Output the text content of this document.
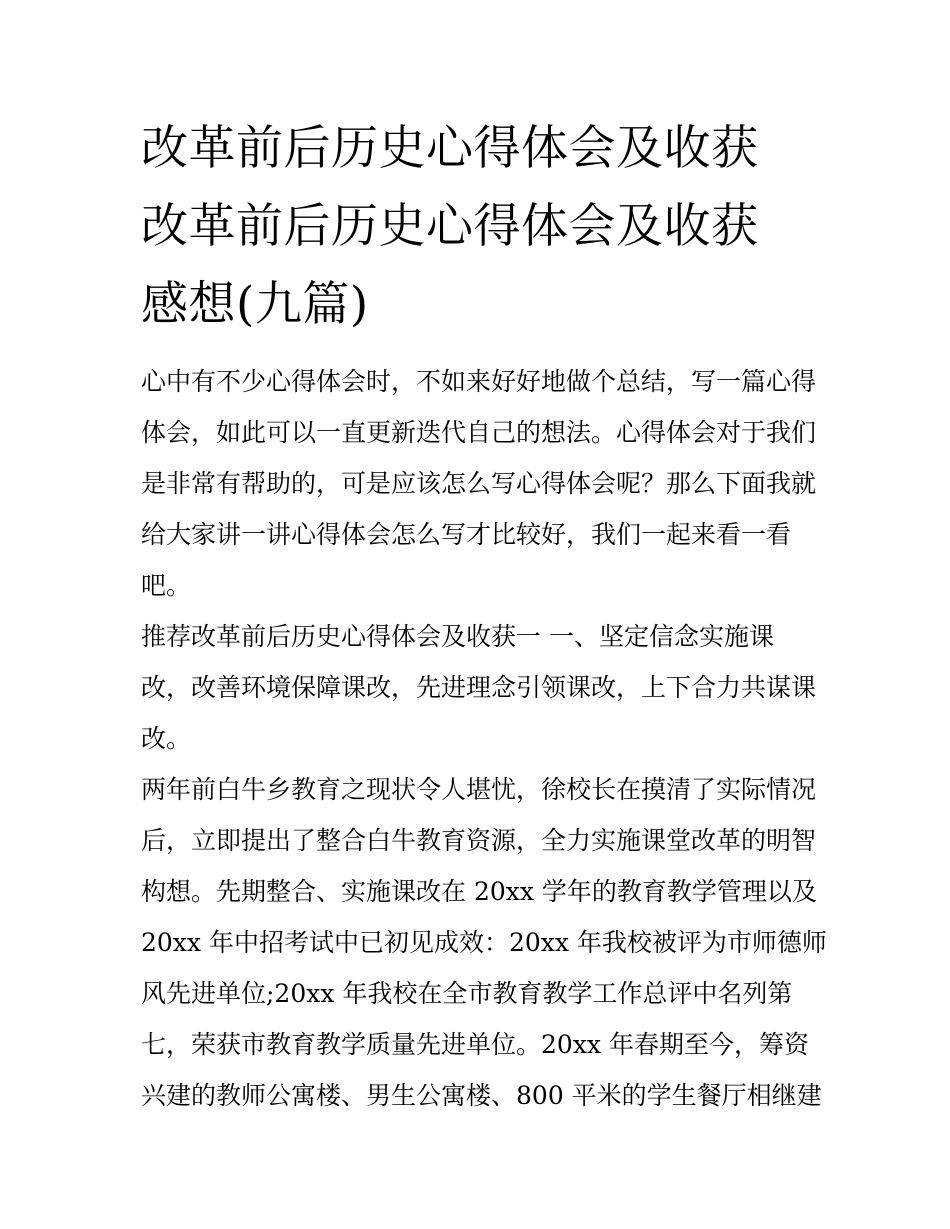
改革前后历史心得体会及收获
改革前后历史心得体会及收获
感想(九篇)
心中有不少心得体会时，不如来好好地做个总结，写一篇心得
体会，如此可以一直更新迭代自己的想法。心得体会对于我们
是非常有帮助的，可是应该怎么写心得体会呢？那么下面我就
给大家讲一讲心得体会怎么写才比较好，我们一起来看一看
吧。
推荐改革前后历史心得体会及收获一 一、坚定信念实施课
改，改善环境保障课改，先进理念引领课改，上下合力共谋课
改。
两年前白牛乡教育之现状令人堪忧，徐校长在摸清了实际情况
后，立即提出了整合白牛教育资源，全力实施课堂改革的明智
构想。先期整合、实施课改在 20xx 学年的教育教学管理以及
20xx 年中招考试中已初见成效：20xx 年我校被评为市师德师
风先进单位;20xx 年我校在全市教育教学工作总评中名列第
七，荣获市教育教学质量先进单位。20xx 年春期至今，筹资
兴建的教师公寓楼、男生公寓楼、800 平米的学生餐厅相继建
